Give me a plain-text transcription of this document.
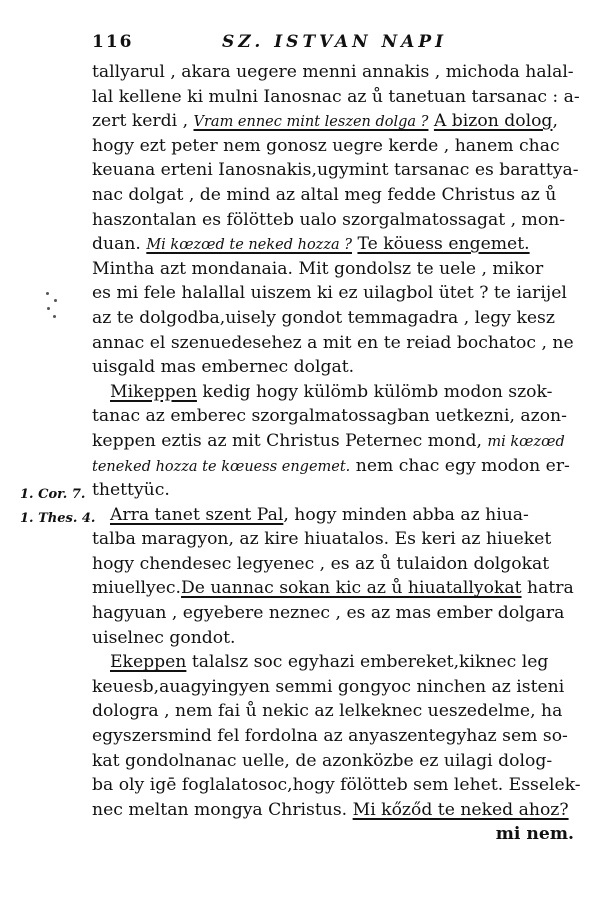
116	SZ. ISTVAN NAPI
1. Cor. 7.
1. Thes. 4.
tallyarul , akara uegere menni annakis , michoda halal-
lal kellene ki mulni Ianosnac az ů tanetuan tarsanac : a-
zert kerdi , Vram ennec mint leszen dolga ? A bizon dolog,
hogy ezt peter nem gonosz uegre kerde , hanem chac
keuana erteni Ianosnakis,ugymint tarsanac es barattya-
nac dolgat , de mind az altal meg fedde Christus az ů
haszontalan es fölötteb ualo szorgalmatossagat , mon-
duan. Mi kœzœd te neked hozza ? Te köuess engemet.
Mintha azt mondanaia. Mit gondolsz te uele , mikor
es mi fele halallal uiszem ki ez uilagbol ütet ? te iarijel
az te dolgodba,uisely gondot temmagadra , legy kesz
annac el szenuedesehez a mit en te reiad bochatoc , ne
uisgald mas embernec dolgat.
Mikeppen kedig hogy külömb külömb modon szok-
tanac az emberec szorgalmatossagban uetkezni, azon-
keppen eztis az mit Christus Peternec mond, mi kœzœd
teneked hozza te kœuess engemet. nem chac egy modon er-
thettyüc.
Arra tanet szent Pal, hogy minden abba az hiua-
talba maragyon, az kire hiuatalos. Es keri az hiueket
hogy chendesec legyenec , es az ů tulaidon dolgokat
miuellyec.De uannac sokan kic az ů hiuatallyokat hatra
hagyuan , egyebere neznec , es az mas ember dolgara
uiselnec gondot.
Ekeppen talalsz soc egyhazi embereket,kiknec leg
keuesb,auagyingyen semmi gongyoc ninchen az isteni
dologra , nem fai ů nekic az lelkeknec ueszedelme, ha
egyszersmind fel fordolna az anyaszentegyhaz sem so-
kat gondolnanac uelle, de azonközbe ez uilagi dolog-
ba oly igē foglalatosoc,hogy fölötteb sem lehet. Esselek-
nec meltan mongya Christus. Mi kőződ te neked ahoz?
mi nem.
